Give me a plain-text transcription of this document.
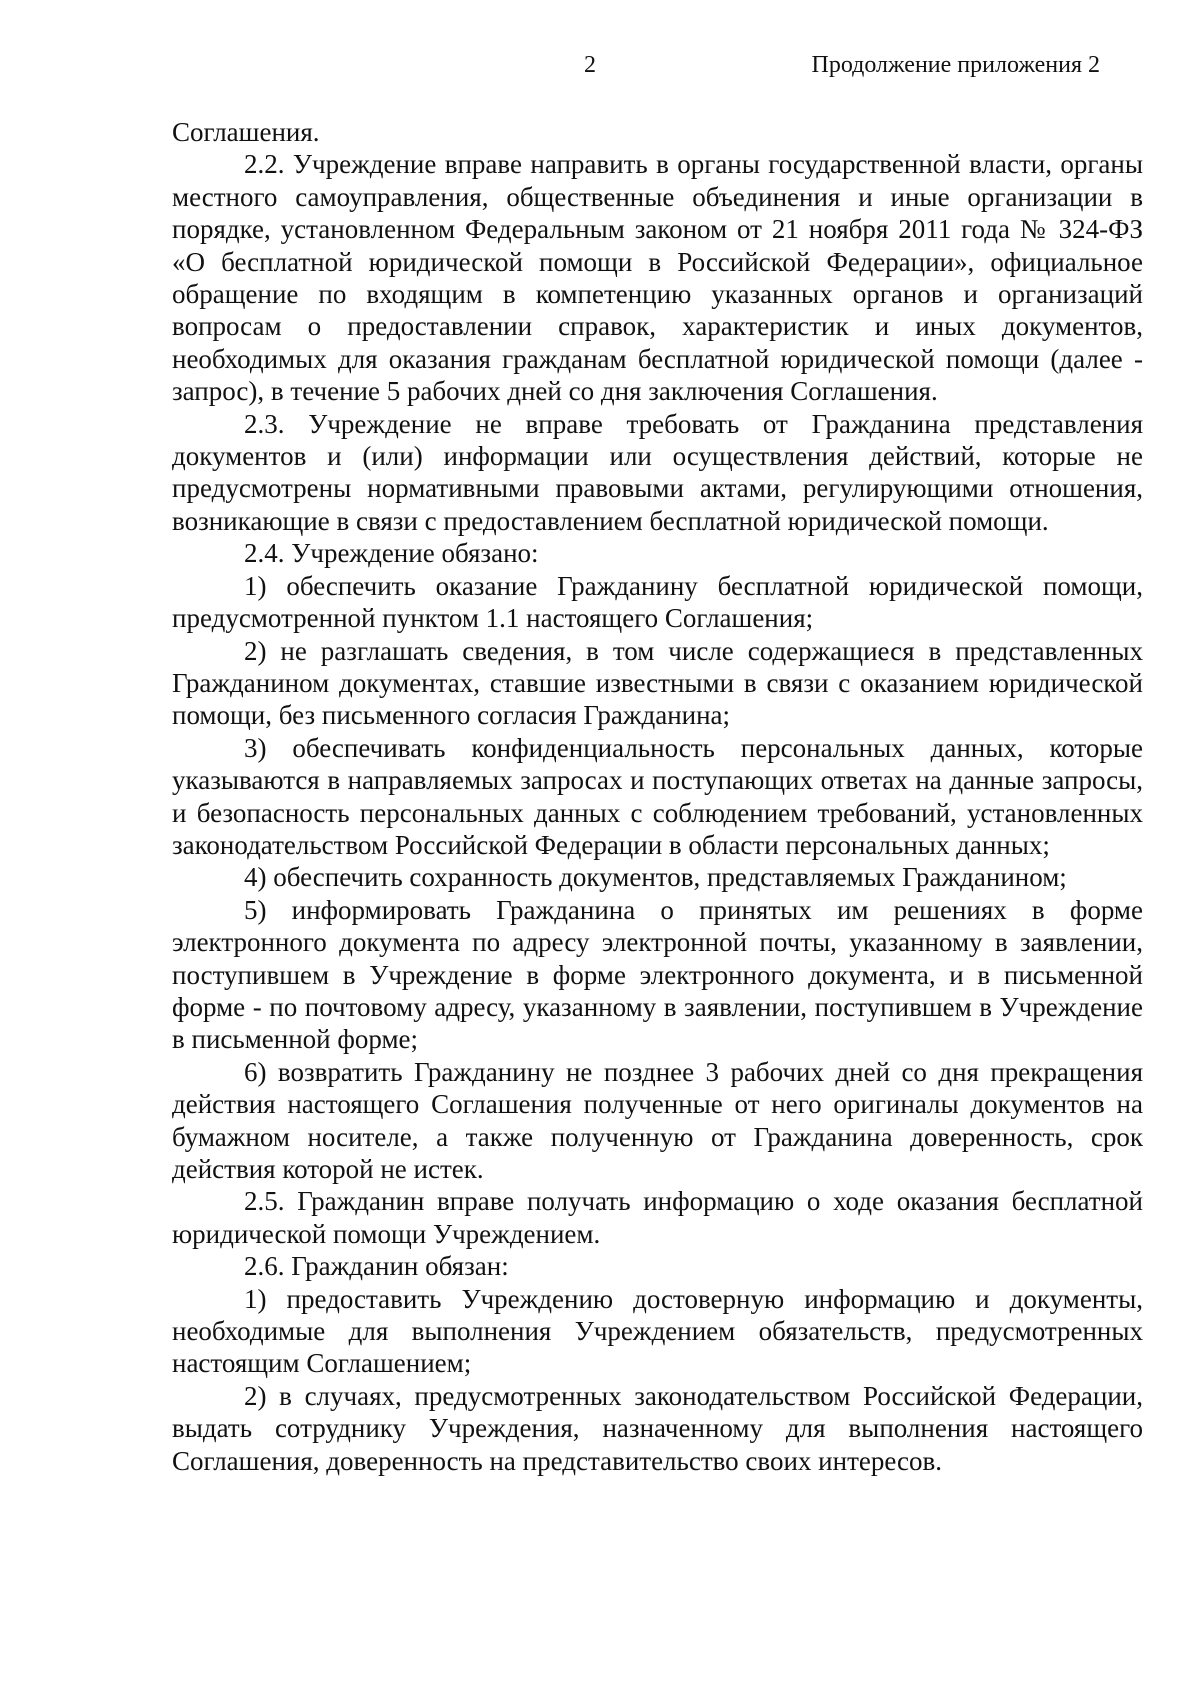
2	Продолжение приложения 2

Соглашения.

2.2. Учреждение вправе направить в органы государственной власти, органы местного самоуправления, общественные объединения и иные организации в порядке, установленном Федеральным законом от 21 ноября 2011 года № 324-ФЗ «О бесплатной юридической помощи в Российской Федерации», официальное обращение по входящим в компетенцию указанных органов и организаций вопросам о предоставлении справок, характеристик и иных документов, необходимых для оказания гражданам бесплатной юридической помощи (далее - запрос), в течение 5 рабочих дней со дня заключения Соглашения.

2.3. Учреждение не вправе требовать от Гражданина представления документов и (или) информации или осуществления действий, которые не предусмотрены нормативными правовыми актами, регулирующими отношения, возникающие в связи с предоставлением бесплатной юридической помощи.

2.4. Учреждение обязано:

1) обеспечить оказание Гражданину бесплатной юридической помощи, предусмотренной пунктом 1.1 настоящего Соглашения;

2) не разглашать сведения, в том числе содержащиеся в представленных Гражданином документах, ставшие известными в связи с оказанием юридической помощи, без письменного согласия Гражданина;

3) обеспечивать конфиденциальность персональных данных, которые указываются в направляемых запросах и поступающих ответах на данные запросы, и безопасность персональных данных с соблюдением требований, установленных законодательством Российской Федерации в области персональных данных;

4) обеспечить сохранность документов, представляемых Гражданином;

5) информировать Гражданина о принятых им решениях в форме электронного документа по адресу электронной почты, указанному в заявлении, поступившем в Учреждение в форме электронного документа, и в письменной форме - по почтовому адресу, указанному в заявлении, поступившем в Учреждение в письменной форме;

6) возвратить Гражданину не позднее 3 рабочих дней со дня прекращения действия настоящего Соглашения полученные от него оригиналы документов на бумажном носителе, а также полученную от Гражданина доверенность, срок действия которой не истек.

2.5. Гражданин вправе получать информацию о ходе оказания бесплатной юридической помощи Учреждением.

2.6. Гражданин обязан:

1) предоставить Учреждению достоверную информацию и документы, необходимые для выполнения Учреждением обязательств, предусмотренных настоящим Соглашением;

2) в случаях, предусмотренных законодательством Российской Федерации, выдать сотруднику Учреждения, назначенному для выполнения настоящего Соглашения, доверенность на представительство своих интересов.
